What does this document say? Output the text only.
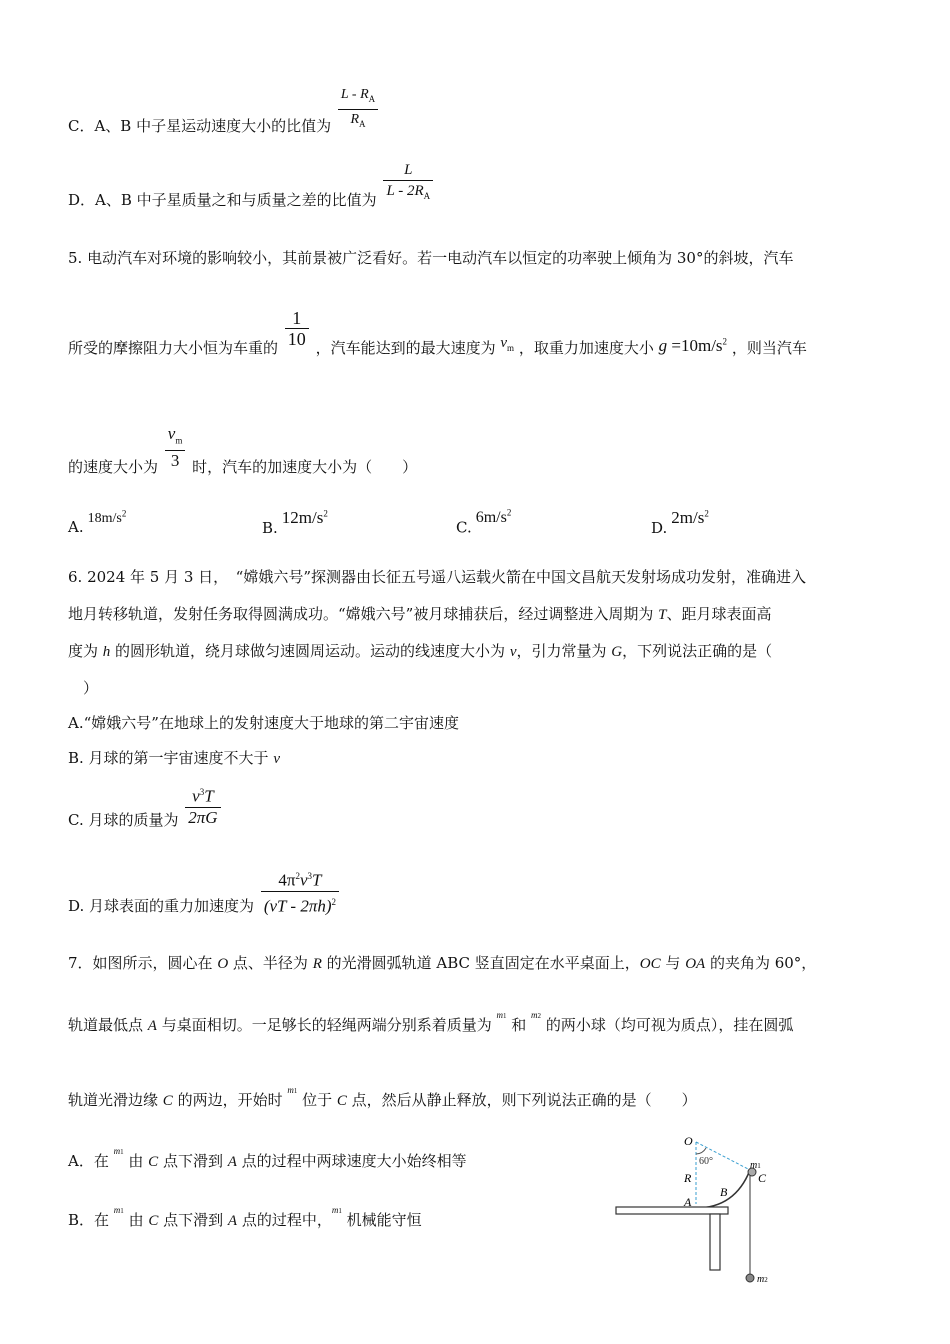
C．A、B 中子星运动速度大小的比值为 $\frac{L - R_A}{R_A}$
D．A、B 中子星质量之和与质量之差的比值为 $\frac{L}{L - 2R_A}$
5. 电动汽车对环境的影响较小，其前景被广泛看好。若一电动汽车以恒定的功率驶上倾角为 30°的斜坡，汽车
所受的摩擦阻力大小恒为车重的 $\frac{1}{10}$ ，汽车能达到的最大速度为 $v_m$ ，取重力加速度大小 $g =10m/s^2$ ，则当汽车
的速度大小为 $\frac{v_m}{3}$ 时，汽车的加速度大小为（　　）
A. $18m/s^2$
$B.12m/s^2$
$C.6m/s^2$
$D.2m/s^2$
6. 2024 年 5 月 3 日，　“嫦娥六号”探测器由长征五号遥八运载火箭在中国文昌航天发射场成功发射，准确进入
地月转移轨道，发射任务取得圆满成功。“嫦娥六号”被月球捕获后，经过调整进入周期为 T、距月球表面高
度为 h 的圆形轨道，绕月球做匀速圆周运动。运动的线速度大小为 v，引力常量为 G，下列说法正确的是（
　）
A.“嫦娥六号”在地球上的发射速度大于地球的第二宇宙速度
B. 月球的第一宇宙速度不大于 v
C. 月球的质量为 $\frac{v^3T}{2\pi G}$
D. 月球表面的重力加速度为 $\frac{4\pi^2v^3T}{(vT - 2\pi h)^2}$
7．如图所示，圆心在 O 点、半径为 R 的光滑圆弧轨道 ABC 竖直固定在水平桌面上，OC 与 OA 的夹角为 60°，
轨道最低点 A 与桌面相切。一足够长的轻绳两端分别系着质量为 $^{m1}$ 和 $^{m2}$ 的两小球（均可视为质点），挂在圆弧
轨道光滑边缘 C 的两边，开始时 $^{m1}$ 位于 C 点，然后从静止释放，则下列说法正确的是（　　）
A．在 $^{m1}$ 由 C 点下滑到 A 点的过程中两球速度大小始终相等
B．在 $^{m1}$ 由 C 点下滑到 A 点的过程中，$^{m1}$ 机械能守恒
O
60°	m1
C
R
B
A
m2
